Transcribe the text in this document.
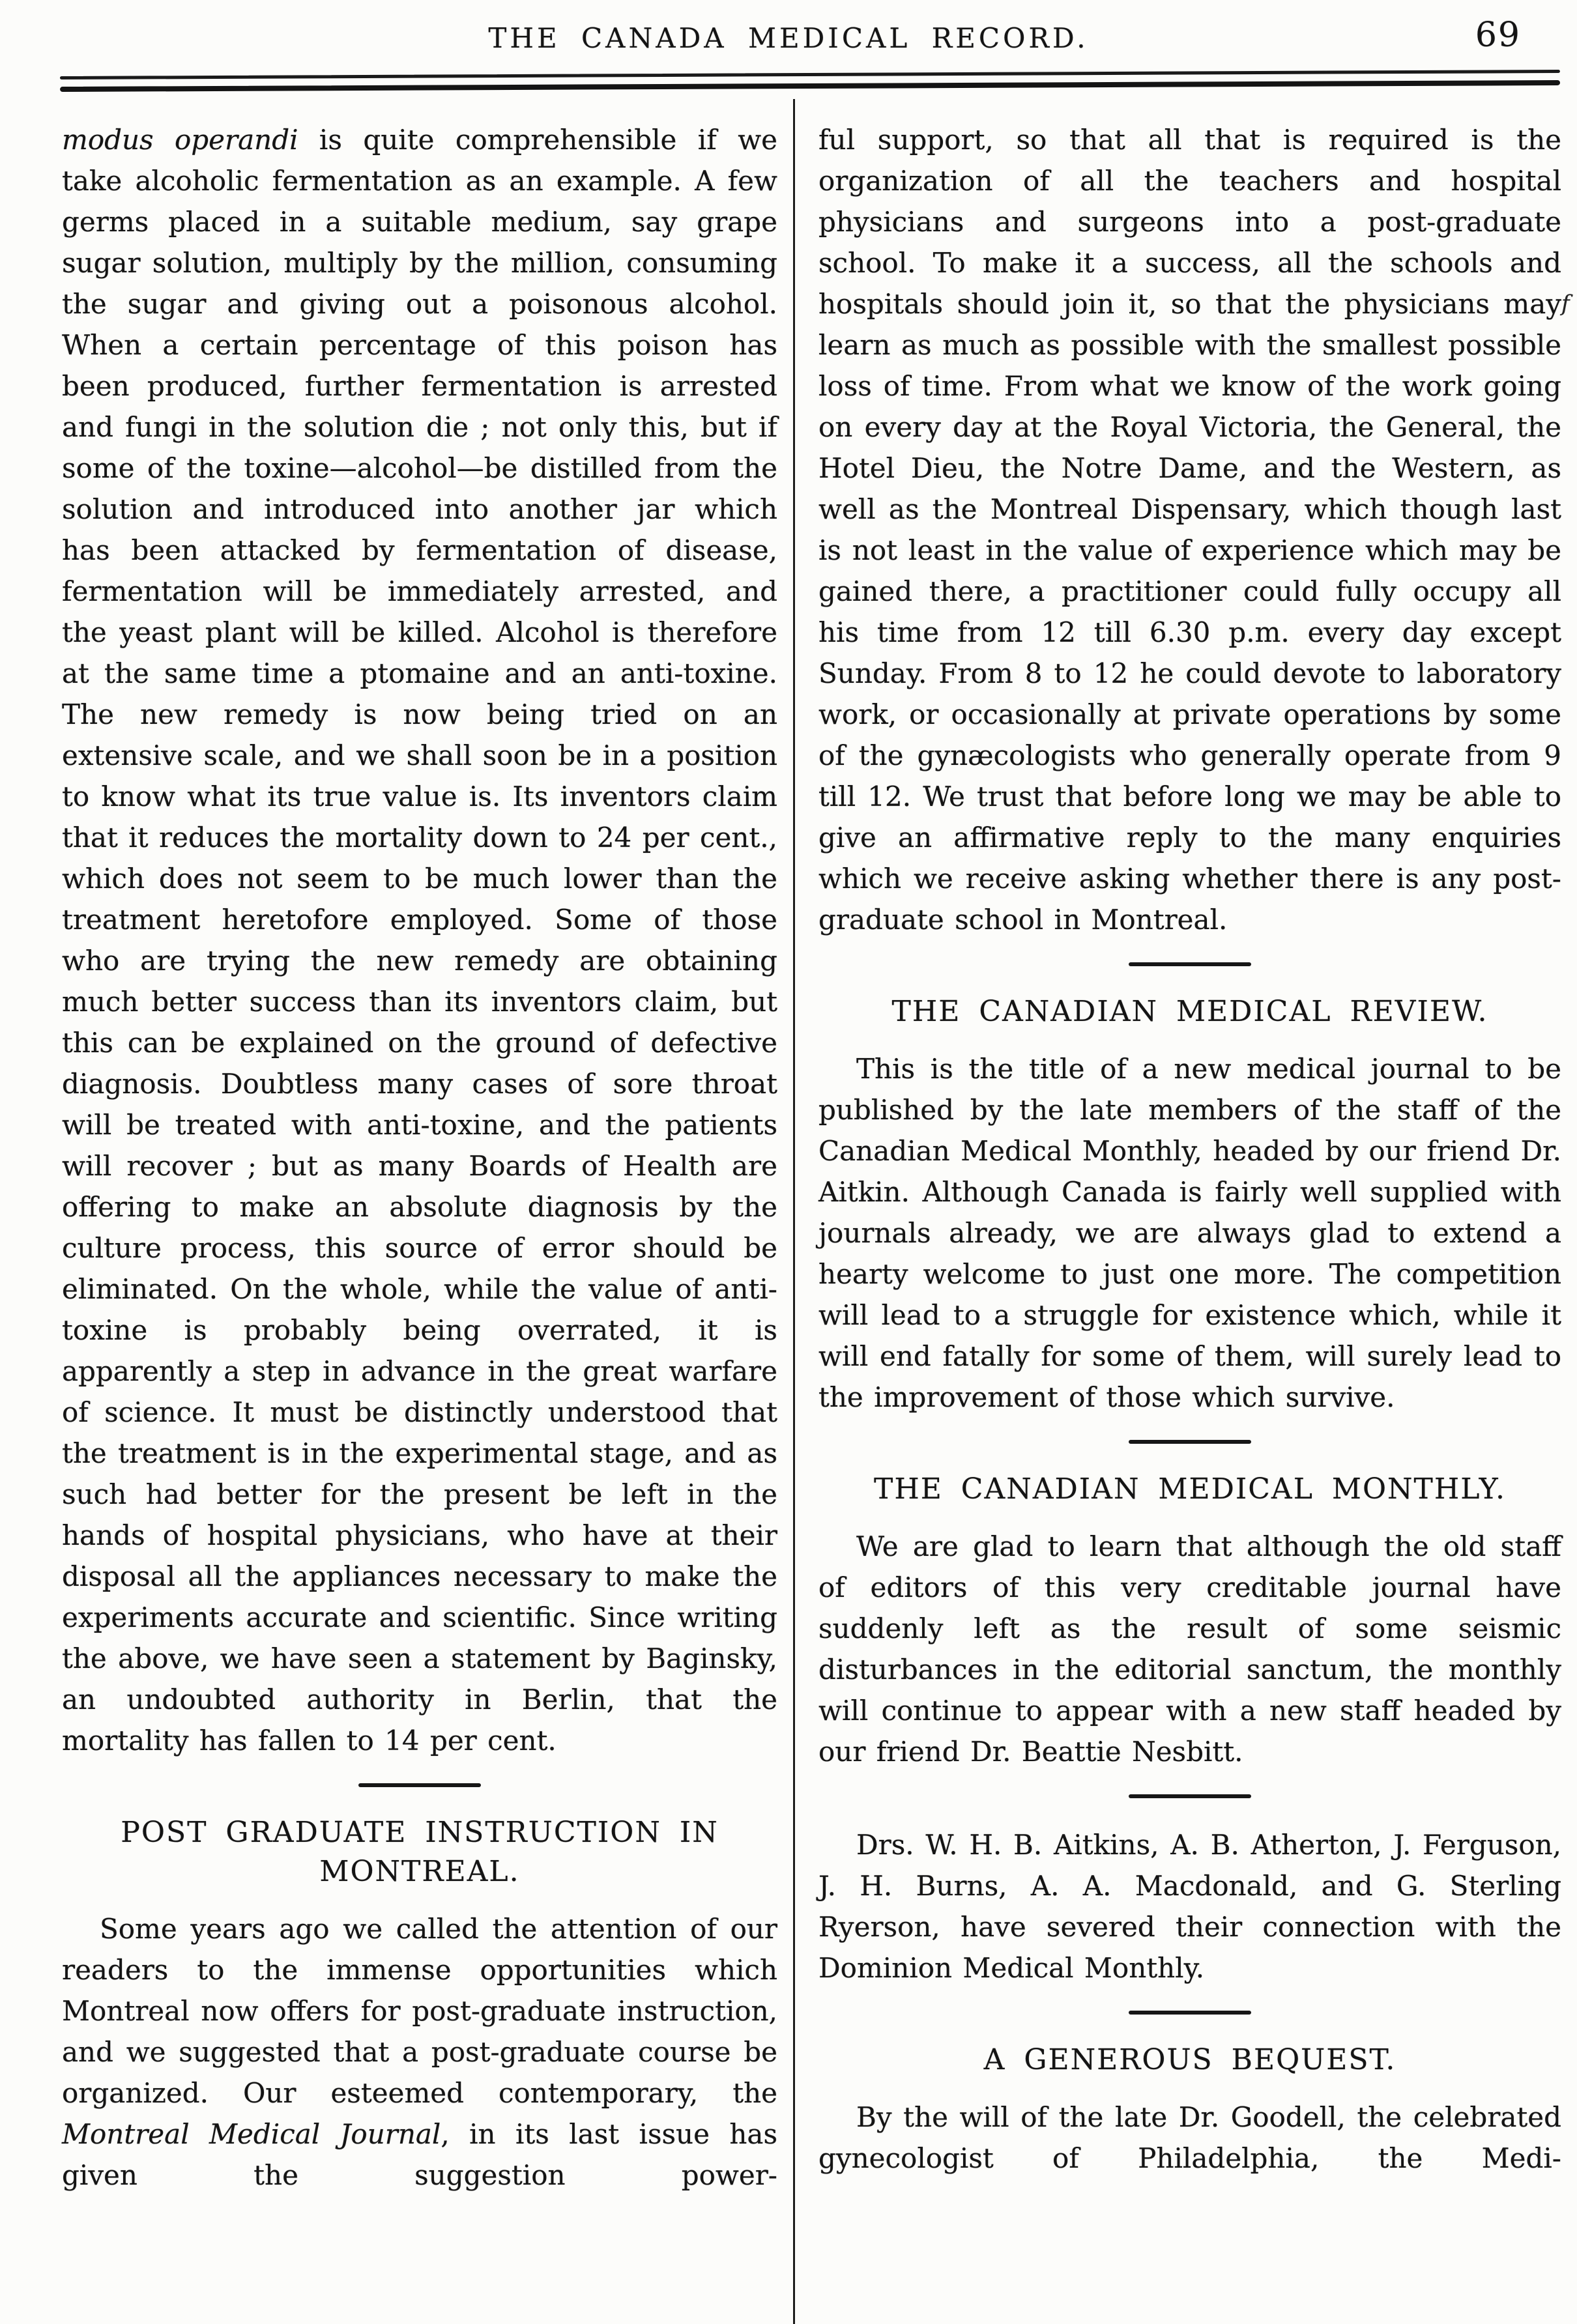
THE CANADA MEDICAL RECORD.	69

modus operandi is quite comprehensible if we take alcoholic fermentation as an example. A few germs placed in a suitable medium, say grape sugar solution, multiply by the million, consuming the sugar and giving out a poisonous alcohol. When a certain percentage of this poison has been produced, further fermentation is arrested and fungi in the solution die ; not only this, but if some of the toxine—alcohol—be distilled from the solution and introduced into another jar which has been attacked by fermentation of disease, fermentation will be immediately arrested, and the yeast plant will be killed. Alcohol is therefore at the same time a ptomaine and an anti-toxine. The new remedy is now being tried on an extensive scale, and we shall soon be in a position to know what its true value is. Its inventors claim that it reduces the mortality down to 24 per cent., which does not seem to be much lower than the treatment heretofore employed. Some of those who are trying the new remedy are obtaining much better success than its inventors claim, but this can be explained on the ground of defective diagnosis. Doubtless many cases of sore throat will be treated with anti-toxine, and the patients will recover ; but as many Boards of Health are offering to make an absolute diagnosis by the culture process, this source of error should be eliminated. On the whole, while the value of anti-toxine is probably being overrated, it is apparently a step in advance in the great warfare of science. It must be distinctly understood that the treatment is in the experimental stage, and as such had better for the present be left in the hands of hospital physicians, who have at their disposal all the appliances necessary to make the experiments accurate and scientific. Since writing the above, we have seen a statement by Baginsky, an undoubted authority in Berlin, that the mortality has fallen to 14 per cent.

POST GRADUATE INSTRUCTION IN
MONTREAL.

Some years ago we called the attention of our readers to the immense opportunities which Montreal now offers for post-graduate instruction, and we suggested that a post-graduate course be organized. Our esteemed contemporary, the Montreal Medical Journal, in its last issue has given the suggestion power-

ful support, so that all that is required is the organization of all the teachers and hospital physicians and surgeons into a post-graduate school. To make it a success, all the schools and hospitals should join it, so that the physicians may learn as much as possible with the smallest possible loss of time. From what we know of the work going on every day at the Royal Victoria, the General, the Hotel Dieu, the Notre Dame, and the Western, as well as the Montreal Dispensary, which though last is not least in the value of experience which may be gained there, a practitioner could fully occupy all his time from 12 till 6.30 p.m. every day except Sunday. From 8 to 12 he could devote to laboratory work, or occasionally at private operations by some of the gynæcologists who generally operate from 9 till 12. We trust that before long we may be able to give an affirmative reply to the many enquiries which we receive asking whether there is any post-graduate school in Montreal.

THE CANADIAN MEDICAL REVIEW.

This is the title of a new medical journal to be published by the late members of the staff of the Canadian Medical Monthly, headed by our friend Dr. Aitkin. Although Canada is fairly well supplied with journals already, we are always glad to extend a hearty welcome to just one more. The competition will lead to a struggle for existence which, while it will end fatally for some of them, will surely lead to the improvement of those which survive.

THE CANADIAN MEDICAL MONTHLY.

We are glad to learn that although the old staff of editors of this very creditable journal have suddenly left as the result of some seismic disturbances in the editorial sanctum, the monthly will continue to appear with a new staff headed by our friend Dr. Beattie Nesbitt.

Drs. W. H. B. Aitkins, A. B. Atherton, J. Ferguson, J. H. Burns, A. A. Macdonald, and G. Sterling Ryerson, have severed their connection with the Dominion Medical Monthly.

A GENEROUS BEQUEST.

By the will of the late Dr. Goodell, the celebrated gynecologist of Philadelphia, the Medi-

f
